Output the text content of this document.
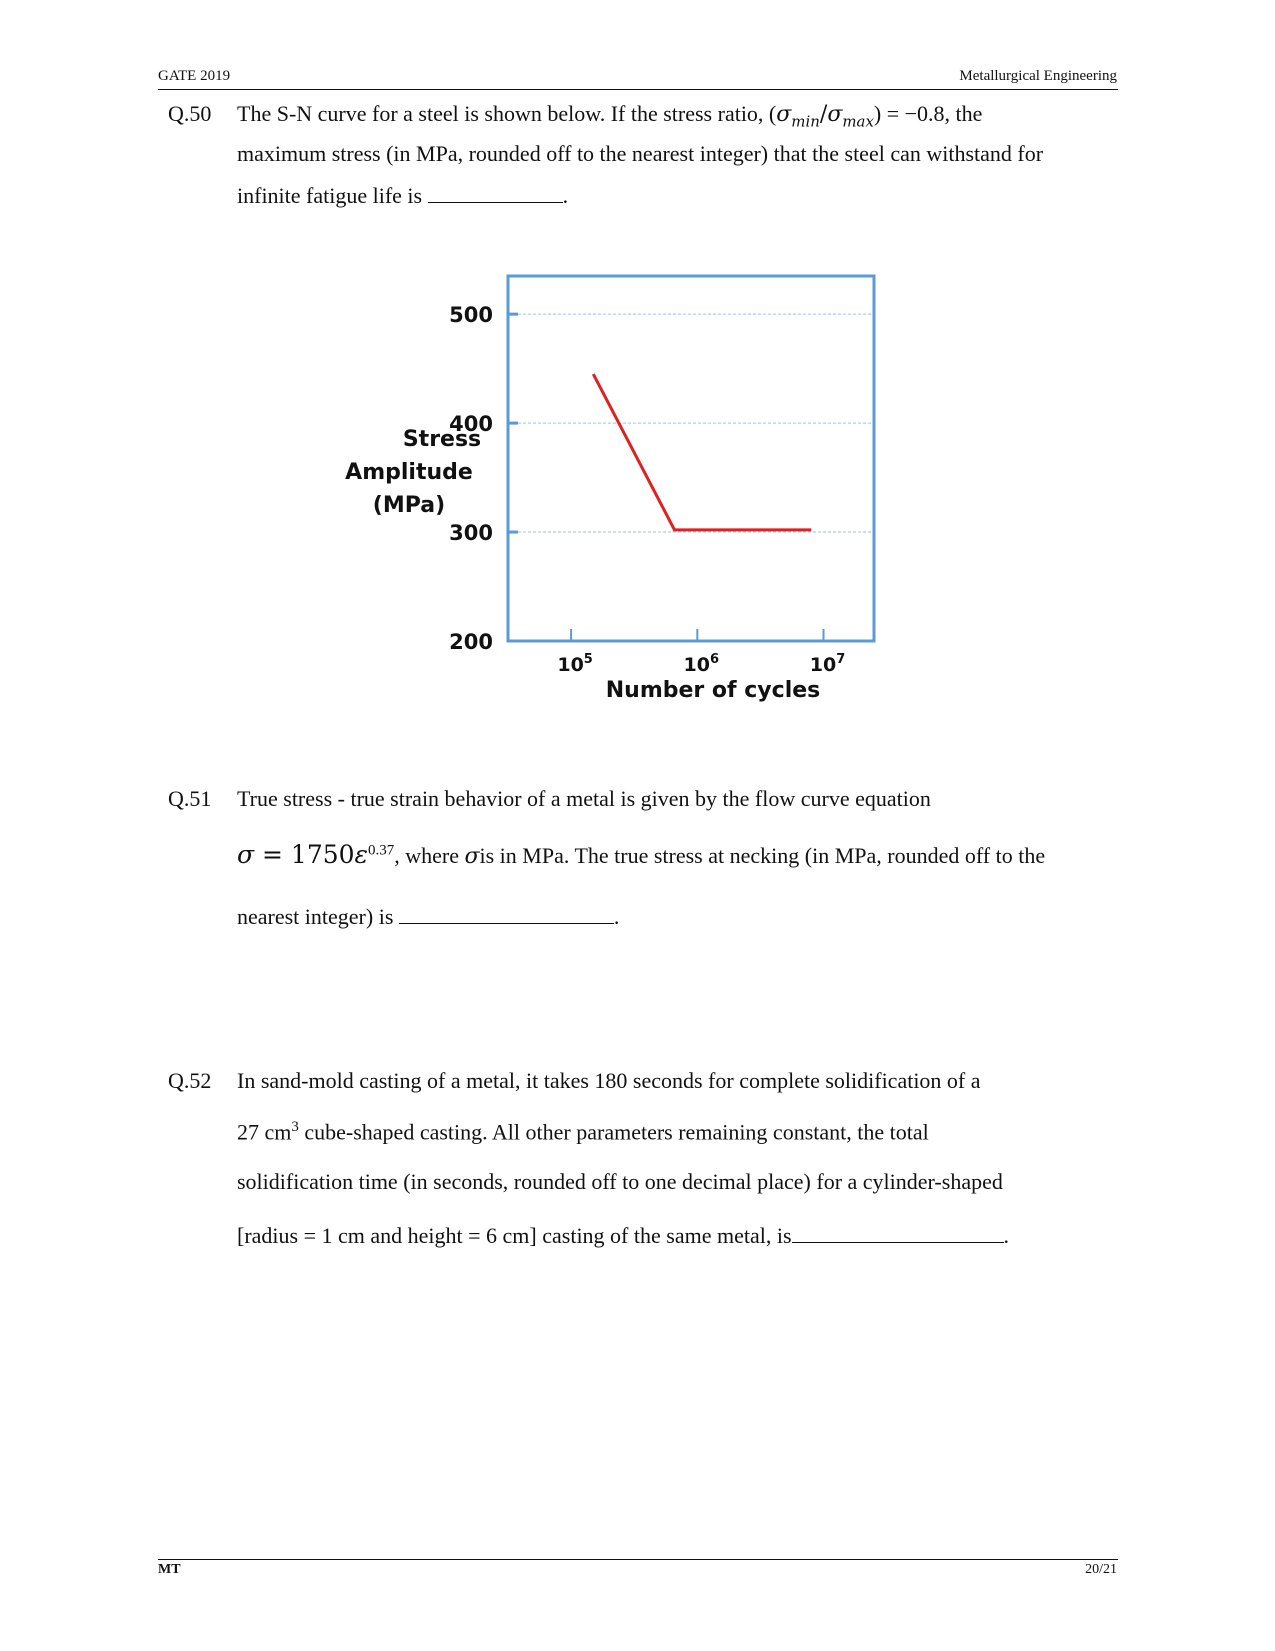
GATE 2019	Metallurgical Engineering
Q.50 The S-N curve for a steel is shown below. If the stress ratio, $(\sigma_{min}/\sigma_{max}) = -0.8$, the
maximum stress (in MPa, rounded off to the nearest integer) that the steel can withstand for
infinite fatigue life is	.
500
400
300
200
$10^5$	$10^6$	$10^7$
Stress
Amplitude
(MPa)
Number of cycles
Q.51 True stress - true strain behavior of a metal is given by the flow curve equation
$\sigma = 1750\varepsilon^{0.37}$, where σis in MPa. The true stress at necking (in MPa, rounded off to the
nearest integer) is	.
Q.52 In sand-mold casting of a metal, it takes 180 seconds for complete solidification of a
27 $cm^3$ cube-shaped casting. All other parameters remaining constant, the total
solidification time (in seconds, rounded off to one decimal place) for a cylinder-shaped
[radius = 1 cm and height = 6 cm] casting of the same metal, is	.
MT	20/21
